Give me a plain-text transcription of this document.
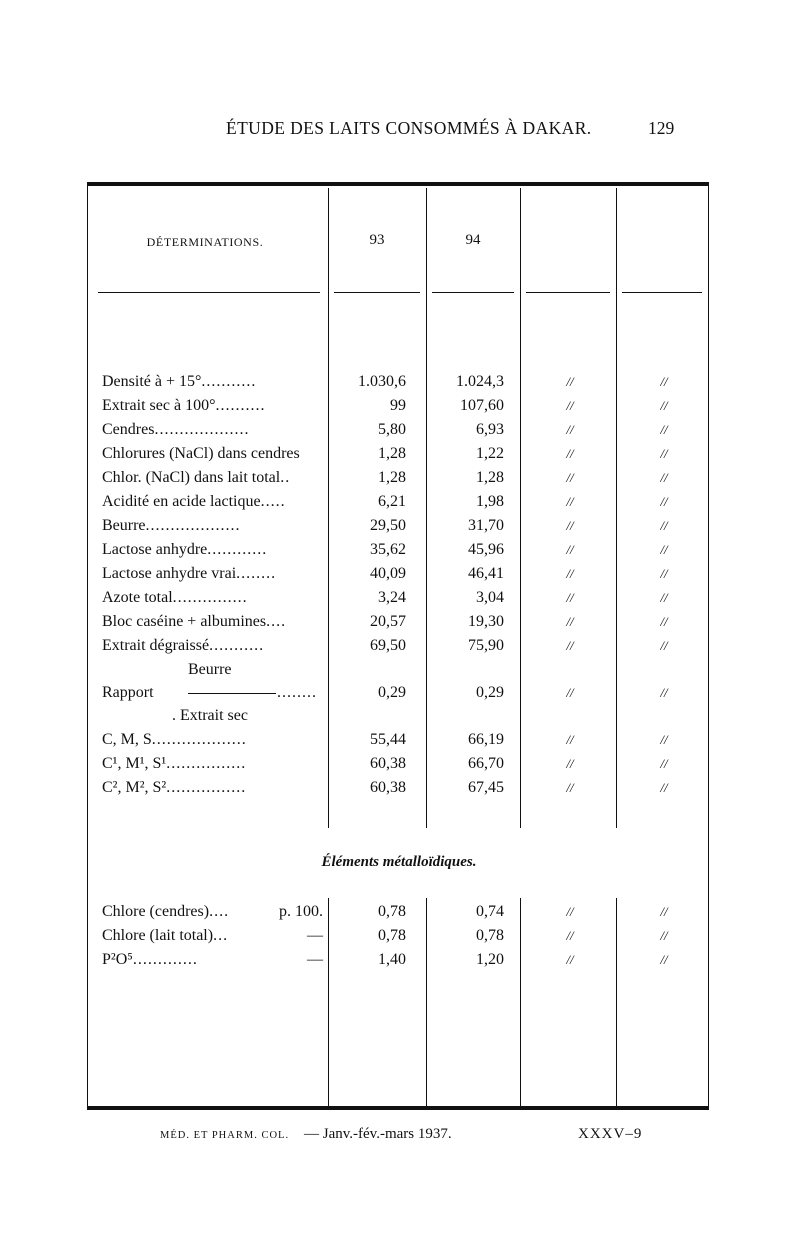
ÉTUDE DES LAITS CONSOMMÉS À DAKAR.	129
DÉTERMINATIONS.	93	94
Densité à + 15°...........	1.030,6	1.024,3	//	//
Extrait sec à 100°..........	99	107,60	//	//
Cendres...................	5,80	6,93	//	//
Chlorures (NaCl) dans cendres	1,28	1,22	//	//
Chlor. (NaCl) dans lait total..	1,28	1,28	//	//
Acidité en acide lactique.....	6,21	1,98	//	//
Beurre...................	29,50	31,70	//	//
Lactose anhydre............	35,62	45,96	//	//
Lactose anhydre vrai........	40,09	46,41	//	//
Azote total...............	3,24	3,04	//	//
Bloc caséine + albumines....	20,57	19,30	//	//
Extrait dégraissé...........	69,50	75,90	//	//
Beurre
Rapport	........	0,29	0,29	//	//
. Extrait sec
C, M, S...................	55,44	66,19	//	//
C¹, M¹, S¹................	60,38	66,70	//	//
C², M², S²................	60,38	67,45	//	//
Éléments métalloïdiques.
Chlore (cendres)....	p. 100.	0,78	0,74	//	//
Chlore (lait total)...	—	0,78	0,78	//	//
P²O⁵.............	—	1,40	1,20	//	//
MÉD. ET PHARM. COL. — Janv.-fév.-mars 1937.	XXXV–9
